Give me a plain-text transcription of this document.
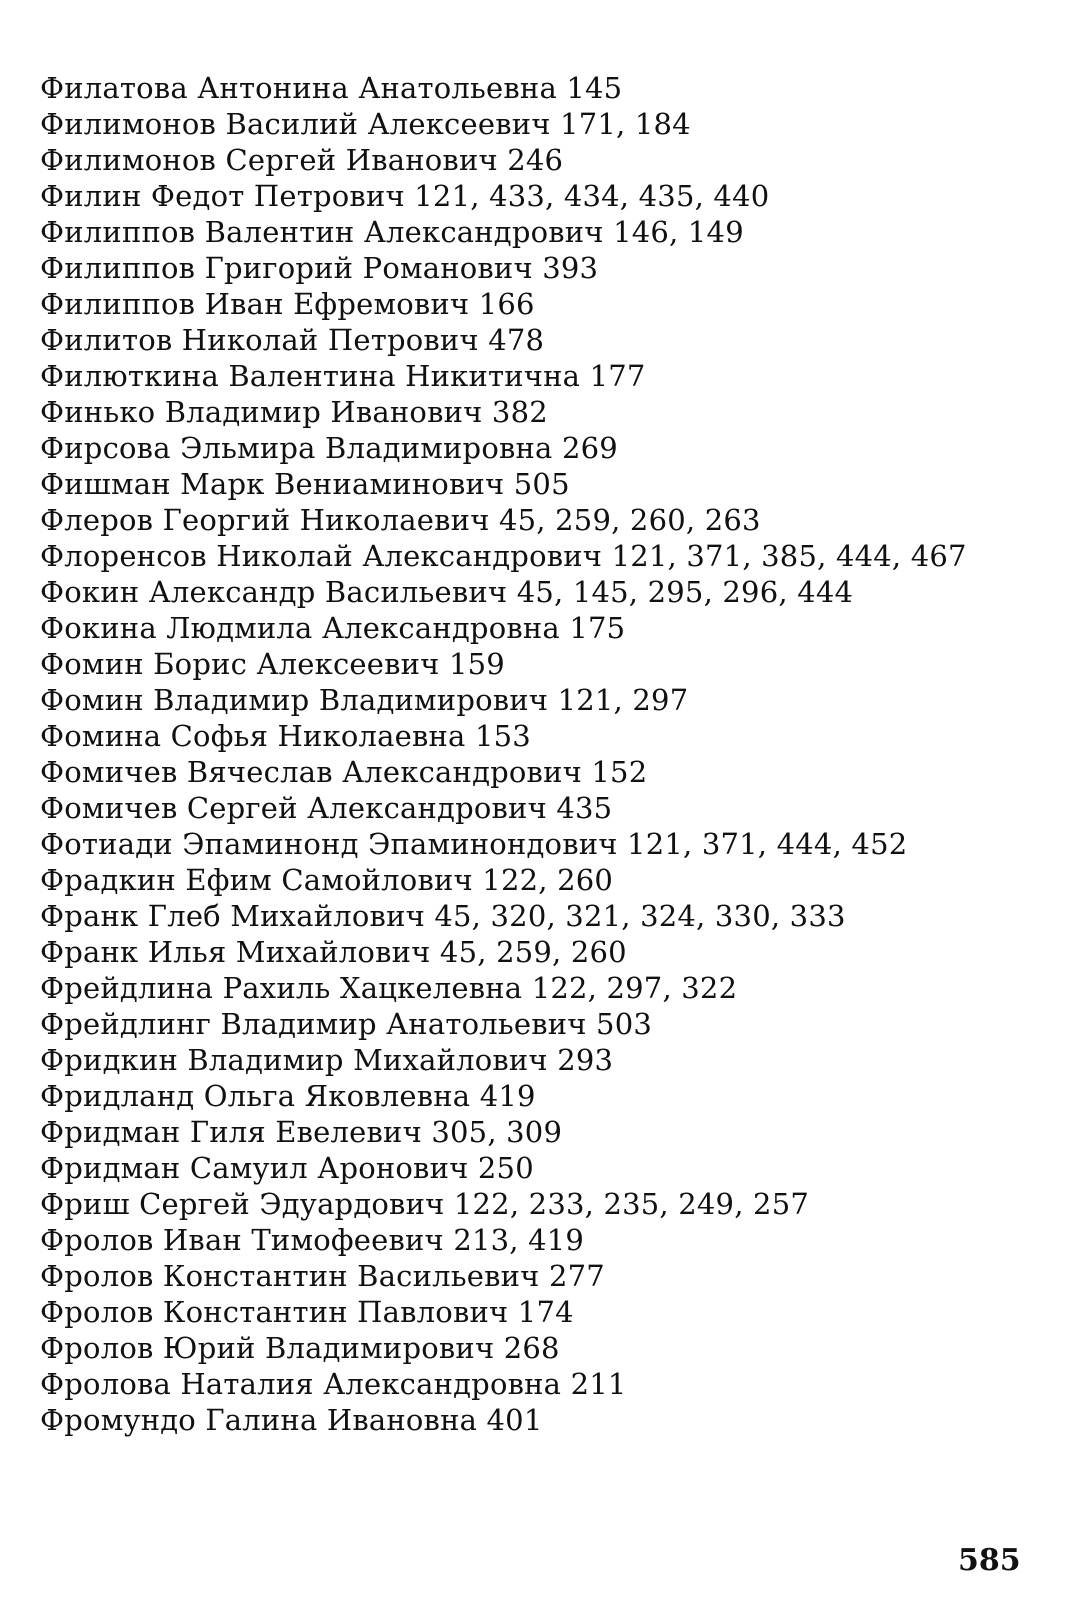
Филатова Антонина Анатольевна 145
Филимонов Василий Алексеевич 171, 184
Филимонов Сергей Иванович 246
Филин Федот Петрович 121, 433, 434, 435, 440
Филиппов Валентин Александрович 146, 149
Филиппов Григорий Романович 393
Филиппов Иван Ефремович 166
Филитов Николай Петрович 478
Филюткина Валентина Никитична 177
Финько Владимир Иванович 382
Фирсова Эльмира Владимировна 269
Фишман Марк Вениаминович 505
Флеров Георгий Николаевич 45, 259, 260, 263
Флоренсов Николай Александрович 121, 371, 385, 444, 467
Фокин Александр Васильевич 45, 145, 295, 296, 444
Фокина Людмила Александровна 175
Фомин Борис Алексеевич 159
Фомин Владимир Владимирович 121, 297
Фомина Софья Николаевна 153
Фомичев Вячеслав Александрович 152
Фомичев Сергей Александрович 435
Фотиади Эпаминонд Эпаминондович 121, 371, 444, 452
Фрадкин Ефим Самойлович 122, 260
Франк Глеб Михайлович 45, 320, 321, 324, 330, 333
Франк Илья Михайлович 45, 259, 260
Фрейдлина Рахиль Хацкелевна 122, 297, 322
Фрейдлинг Владимир Анатольевич 503
Фридкин Владимир Михайлович 293
Фридланд Ольга Яковлевна 419
Фридман Гиля Евелевич 305, 309
Фридман Самуил Аронович 250
Фриш Сергей Эдуардович 122, 233, 235, 249, 257
Фролов Иван Тимофеевич 213, 419
Фролов Константин Васильевич 277
Фролов Константин Павлович 174
Фролов Юрий Владимирович 268
Фролова Наталия Александровна 211
Фромундо Галина Ивановна 401
585
